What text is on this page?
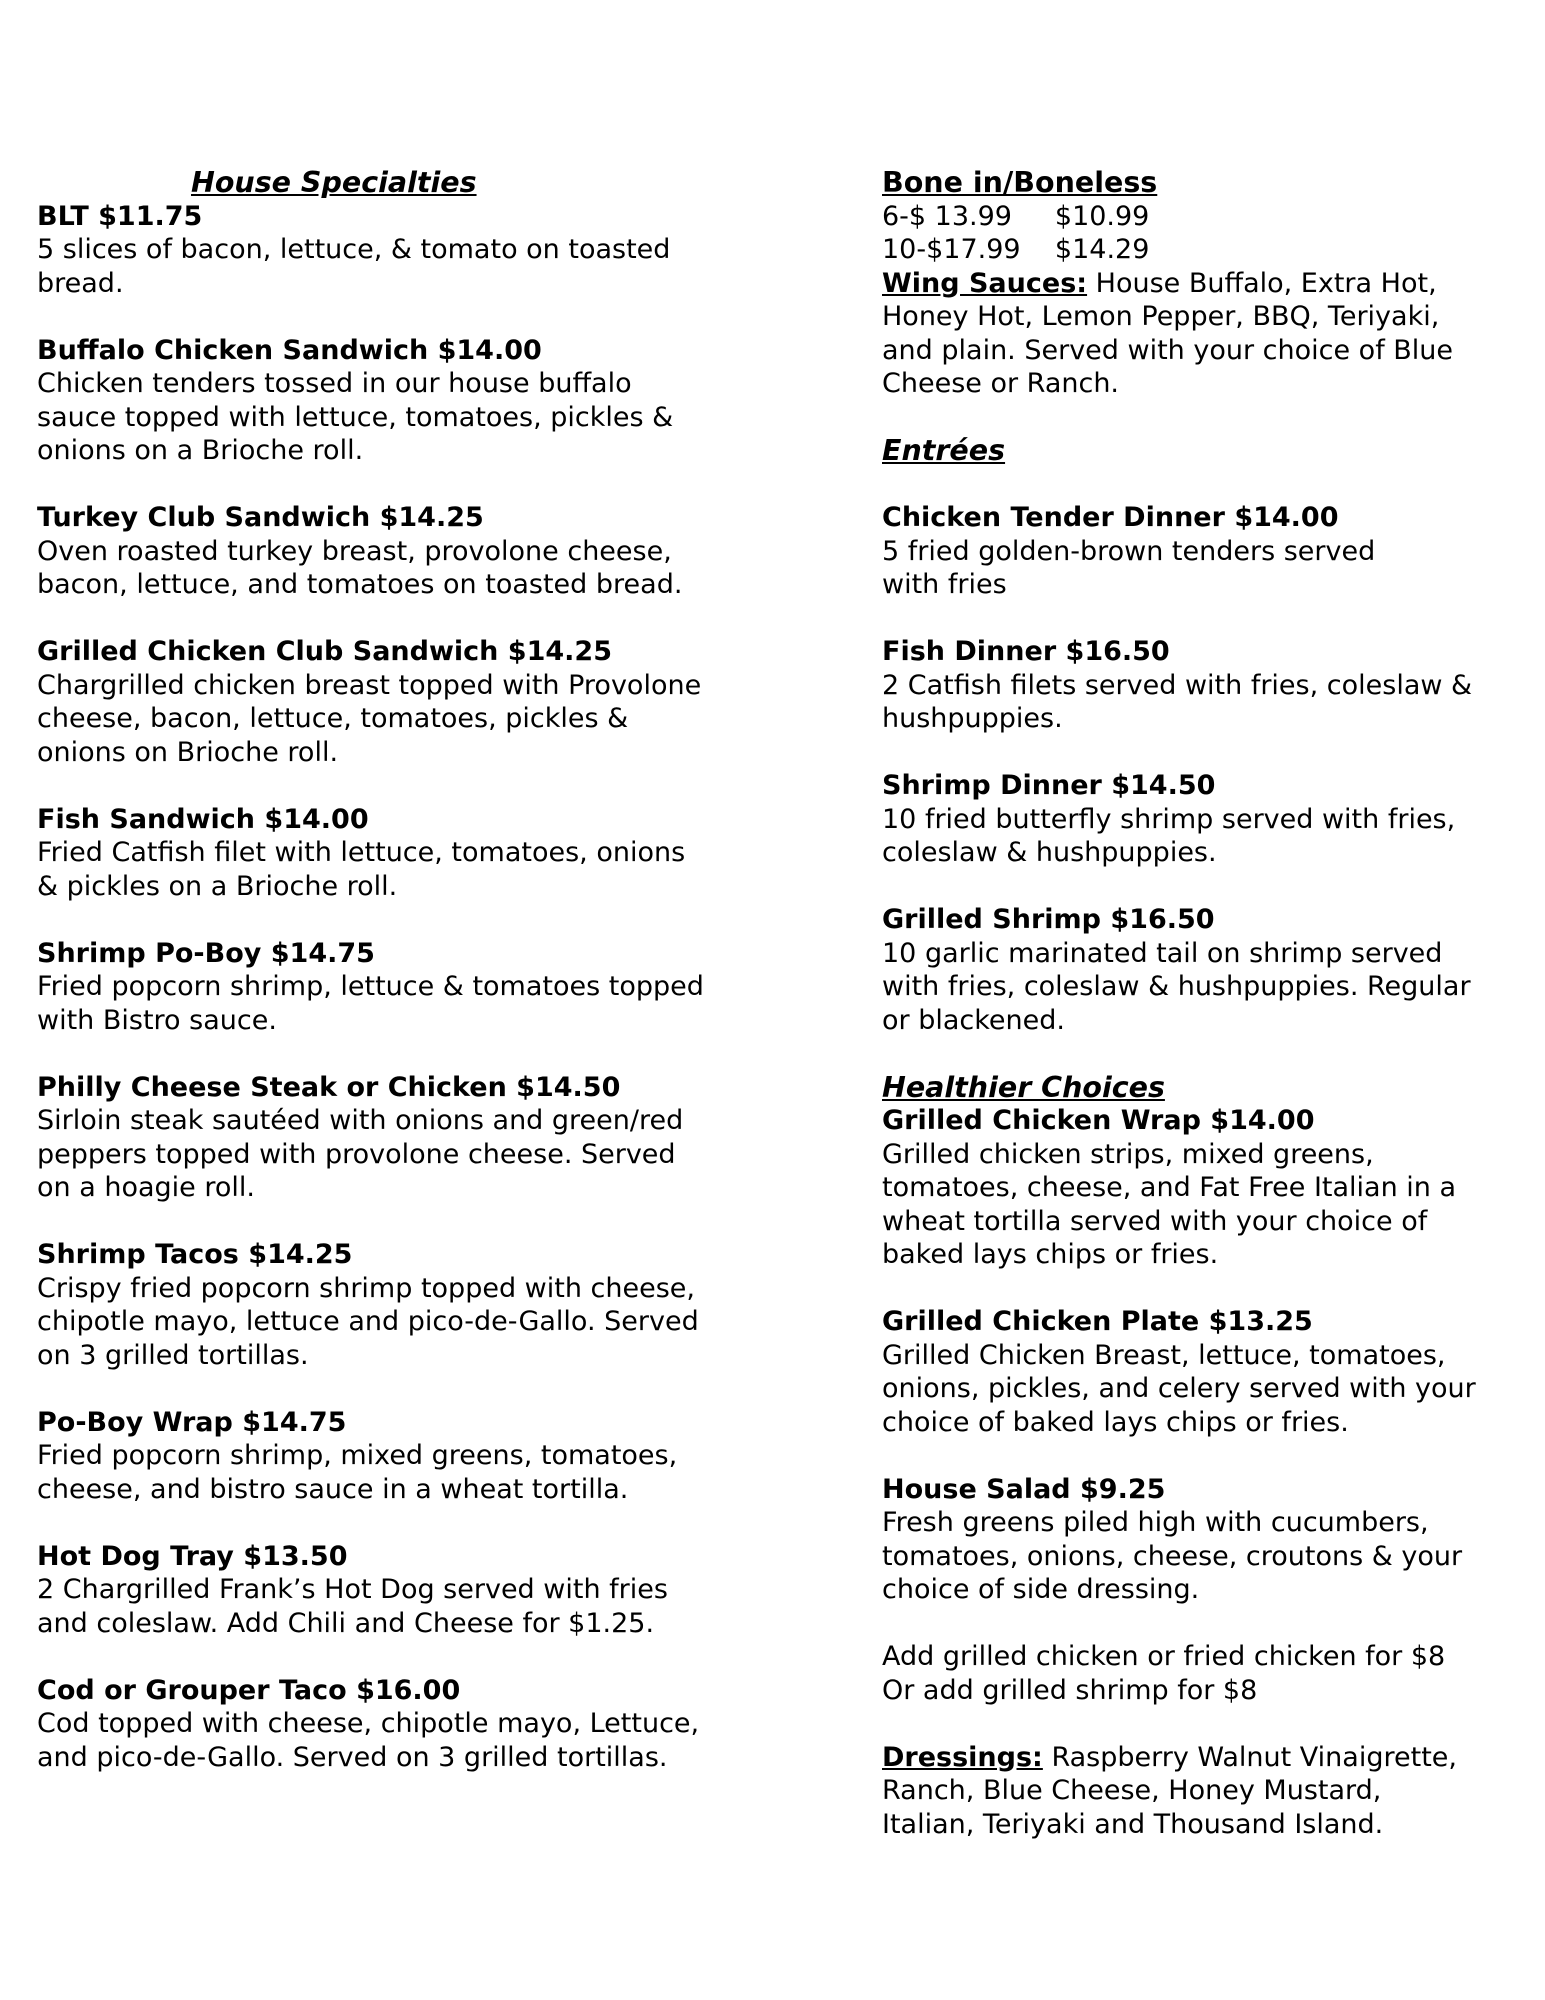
House Specialties
BLT $11.75
5 slices of bacon, lettuce, & tomato on toasted
bread.
Buffalo Chicken Sandwich $14.00
Chicken tenders tossed in our house buffalo
sauce topped with lettuce, tomatoes, pickles &
onions on a Brioche roll.
Turkey Club Sandwich $14.25
Oven roasted turkey breast, provolone cheese,
bacon, lettuce, and tomatoes on toasted bread.
Grilled Chicken Club Sandwich $14.25
Chargrilled chicken breast topped with Provolone
cheese, bacon, lettuce, tomatoes, pickles &
onions on Brioche roll.
Fish Sandwich $14.00
Fried Catfish filet with lettuce, tomatoes, onions
& pickles on a Brioche roll.
Shrimp Po-Boy $14.75
Fried popcorn shrimp, lettuce & tomatoes topped
with Bistro sauce.
Philly Cheese Steak or Chicken $14.50
Sirloin steak sautéed with onions and green/red
peppers topped with provolone cheese. Served
on a hoagie roll.
Shrimp Tacos $14.25
Crispy fried popcorn shrimp topped with cheese,
chipotle mayo, lettuce and pico-de-Gallo. Served
on 3 grilled tortillas.
Po-Boy Wrap $14.75
Fried popcorn shrimp, mixed greens, tomatoes,
cheese, and bistro sauce in a wheat tortilla.
Hot Dog Tray $13.50
2 Chargrilled Frank’s Hot Dog served with fries
and coleslaw. Add Chili and Cheese for $1.25.
Cod or Grouper Taco $16.00
Cod topped with cheese, chipotle mayo, Lettuce,
and pico-de-Gallo. Served on 3 grilled tortillas.
Bone in/Boneless
6-$ 13.99     $10.99
10-$17.99    $14.29
Wing Sauces: House Buffalo, Extra Hot,
Honey Hot, Lemon Pepper, BBQ, Teriyaki,
and plain. Served with your choice of Blue
Cheese or Ranch.
Entrées
Chicken Tender Dinner $14.00
5 fried golden-brown tenders served
with fries
Fish Dinner $16.50
2 Catfish filets served with fries, coleslaw &
hushpuppies.
Shrimp Dinner $14.50
10 fried butterfly shrimp served with fries,
coleslaw & hushpuppies.
Grilled Shrimp $16.50
10 garlic marinated tail on shrimp served
with fries, coleslaw & hushpuppies. Regular
or blackened.
Healthier Choices
Grilled Chicken Wrap $14.00
Grilled chicken strips, mixed greens,
tomatoes, cheese, and Fat Free Italian in a
wheat tortilla served with your choice of
baked lays chips or fries.
Grilled Chicken Plate $13.25
Grilled Chicken Breast, lettuce, tomatoes,
onions, pickles, and celery served with your
choice of baked lays chips or fries.
House Salad $9.25
Fresh greens piled high with cucumbers,
tomatoes, onions, cheese, croutons & your
choice of side dressing.
Add grilled chicken or fried chicken for $8
Or add grilled shrimp for $8
Dressings: Raspberry Walnut Vinaigrette,
Ranch, Blue Cheese, Honey Mustard,
Italian, Teriyaki and Thousand Island.
